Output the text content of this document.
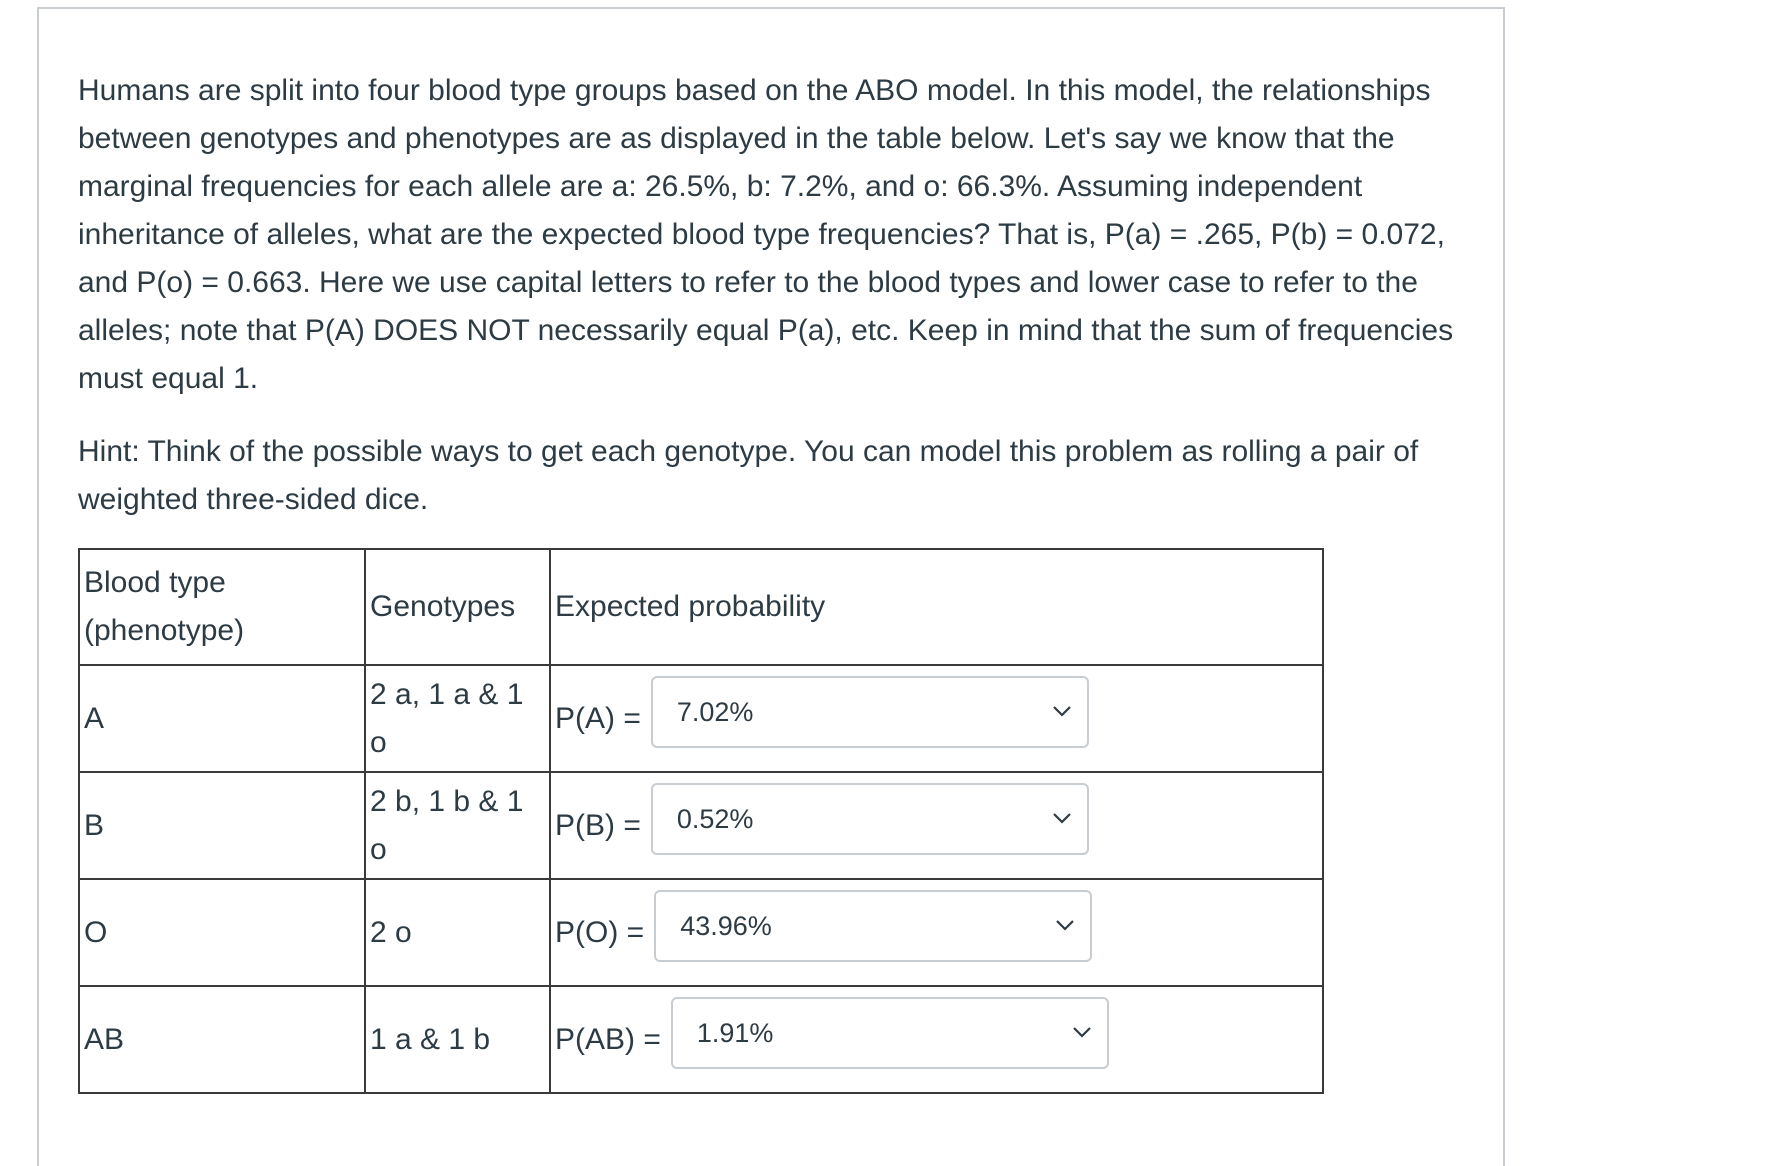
Humans are split into four blood type groups based on the ABO model. In this model, the relationships between genotypes and phenotypes are as displayed in the table below. Let's say we know that the marginal frequencies for each allele are a: 26.5%, b: 7.2%, and o: 66.3%. Assuming independent inheritance of alleles, what are the expected blood type frequencies? That is, P(a) = .265, P(b) = 0.072, and P(o) = 0.663. Here we use capital letters to refer to the blood types and lower case to refer to the alleles; note that P(A) DOES NOT necessarily equal P(a), etc. Keep in mind that the sum of frequencies must equal 1.

Hint: Think of the possible ways to get each genotype. You can model this problem as rolling a pair of weighted three-sided dice.

Blood type (phenotype)	Genotypes	Expected probability
A	2 a, 1 a & 1 o	P(A) = 7.02%

B	2 b, 1 b & 1 o	P(B) = 0.52%

O	2 o	P(O) = 43.96%

AB	1 a & 1 b	P(AB) = 1.91%
